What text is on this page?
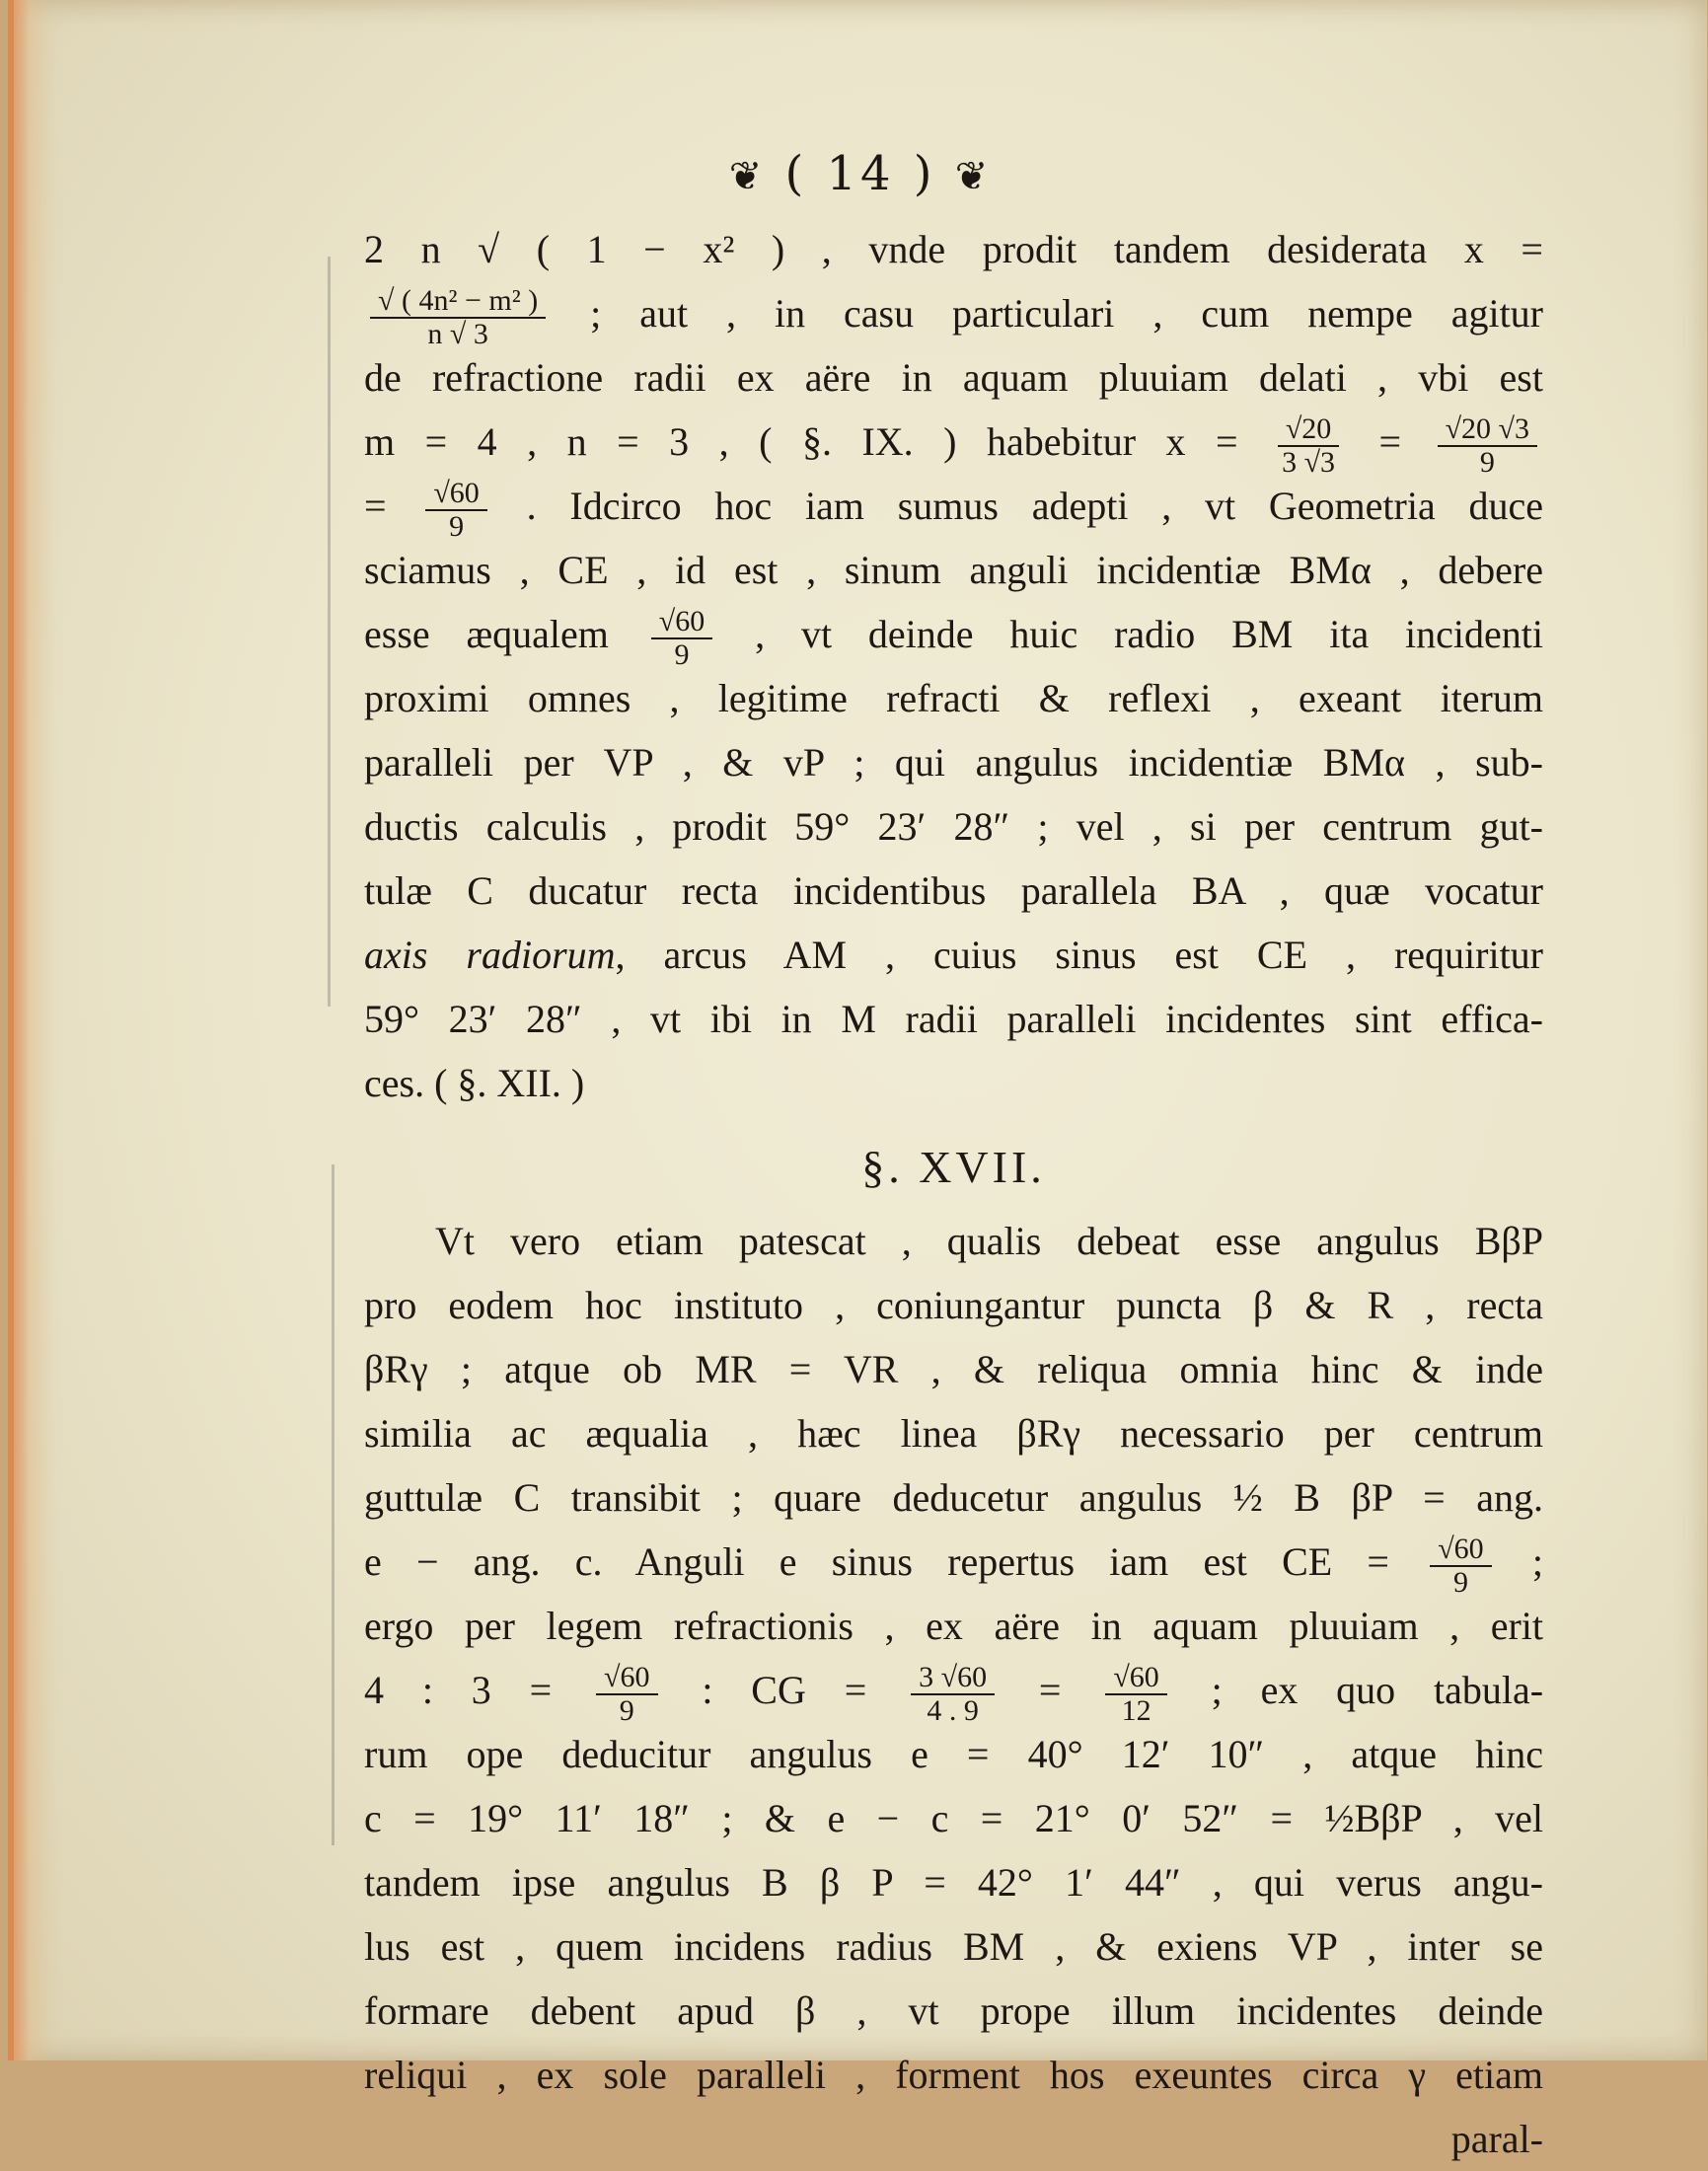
❦ ( 14 ) ❦
2 n √ ( 1 − x² ) , vnde prodit tandem desiderata x =
$\frac{\text{√ ( 4n² − m² )}}{n √ 3}$ ; aut , in casu particulari , cum nempe agitur
de refractione radii ex aëre in aquam pluuiam delati , vbi est
m = 4 , n = 3 , ( §. IX. ) habebitur $x = \frac{√20}{3 √3} = \frac{√20 √3}{9}$
= $\frac{√60}{9}$ . Idcirco hoc iam sumus adepti , vt Geometria duce
sciamus , CE , id est , sinum anguli incidentiæ BMα , debere
esse æqualem $\frac{√60}{9}$ , vt deinde huic radio BM ita incidenti
proximi omnes , legitime refracti & reflexi , exeant iterum
paralleli per VP , & vP ; qui angulus incidentiæ BMα , sub-
ductis calculis , prodit 59° 23′ 28″ ; vel , si per centrum gut-
tulæ C ducatur recta incidentibus parallela BA , quæ vocatur
axis radiorum, arcus AM , cuius sinus est CE , requiritur
59° 23′ 28″ , vt ibi in M radii paralleli incidentes sint effica-
ces. ( §. XII. )
§. XVII.
Vt vero etiam patescat , qualis debeat esse angulus BβP
pro eodem hoc instituto , coniungantur puncta β & R , recta
βRγ ; atque ob MR = VR , & reliqua omnia hinc & inde
similia ac æqualia , hæc linea βRγ necessario per centrum
guttulæ C transibit ; quare deducetur angulus ½ B βP = ang.
e − ang. c. Anguli e sinus repertus iam est CE = $\frac{√60}{9}$ ;
ergo per legem refractionis , ex aëre in aquam pluuiam , erit
4 : $3 = \frac{√60}{9}$ : CG = $\frac{3 √60}{4 . 9} = \frac{√60}{12}$ ; ex quo tabula-
rum ope deducitur angulus e = 40° 12′ 10″ , atque hinc
c = 19° 11′ 18″ ; & e − c = 21° 0′ 52″ = ½BβP , vel
tandem ipse angulus B β P = 42° 1′ 44″ , qui verus angu-
lus est , quem incidens radius BM , & exiens VP , inter se
formare debent apud β , vt prope illum incidentes deinde
reliqui , ex sole paralleli , forment hos exeuntes circa γ etiam
paral-
